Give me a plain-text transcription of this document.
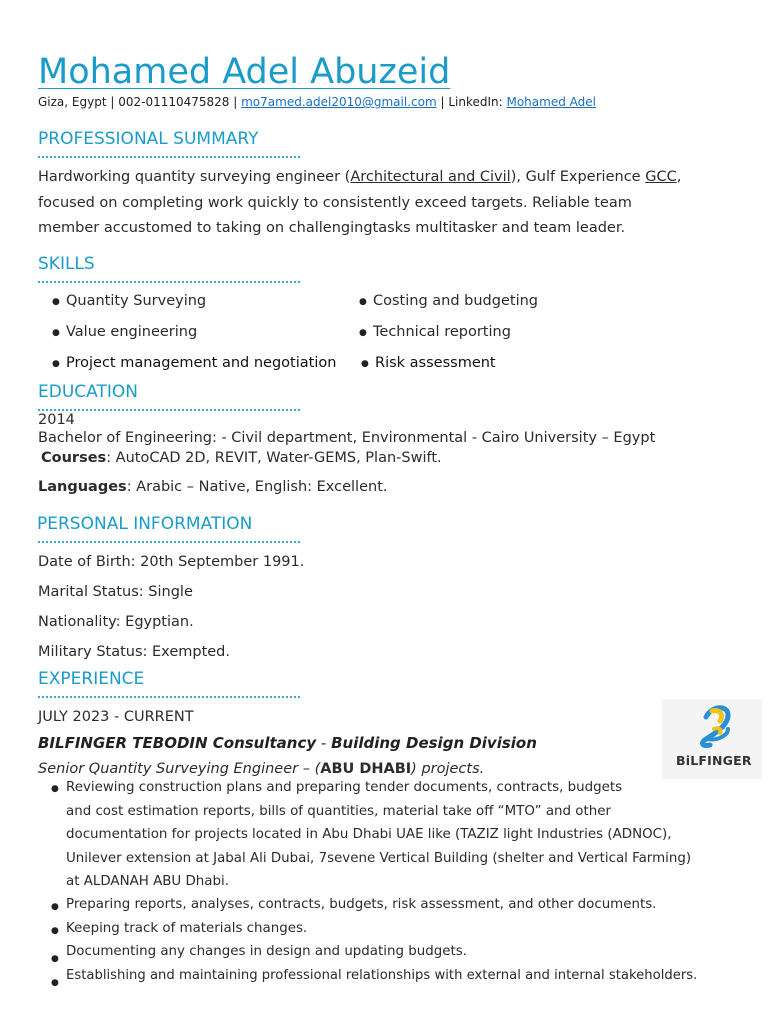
Mohamed Adel Abuzeid
Giza, Egypt | 002-01110475828 | mo7amed.adel2010@gmail.com | LinkedIn: Mohamed Adel
PROFESSIONAL SUMMARY
Hardworking quantity surveying engineer (Architectural and Civil), Gulf Experience GCC,
focused on completing work quickly to consistently exceed targets. Reliable team
member accustomed to taking on challengingtasks multitasker and team leader.
SKILLS
● Quantity Surveying
● Value engineering
● Project management and negotiation
● Costing and budgeting
● Technical reporting
● Risk assessment
EDUCATION
2014
Bachelor of Engineering: - Civil department, Environmental - Cairo University – Egypt
Courses: AutoCAD 2D, REVIT, Water-GEMS, Plan-Swift.
Languages: Arabic – Native, English: Excellent.
PERSONAL INFORMATION
Date of Birth: 20th September 1991.
Marital Status: Single
Nationality: Egyptian.
Military Status: Exempted.
EXPERIENCE
JULY 2023 - CURRENT
BILFINGER TEBODIN Consultancy - Building Design Division
Senior Quantity Surveying Engineer – (ABU DHABI) projects.
BiLFINGER
● Reviewing construction plans and preparing tender documents, contracts, budgets
and cost estimation reports, bills of quantities, material take off “MTO” and other
documentation for projects located in Abu Dhabi UAE like (TAZIZ light Industries (ADNOC),
Unilever extension at Jabal Ali Dubai, 7sevene Vertical Building (shelter and Vertical Farming)
at ALDANAH ABU Dhabi.
● Preparing reports, analyses, contracts, budgets, risk assessment, and other documents.
● Keeping track of materials changes.
● Documenting any changes in design and updating budgets.
● Establishing and maintaining professional relationships with external and internal stakeholders.
